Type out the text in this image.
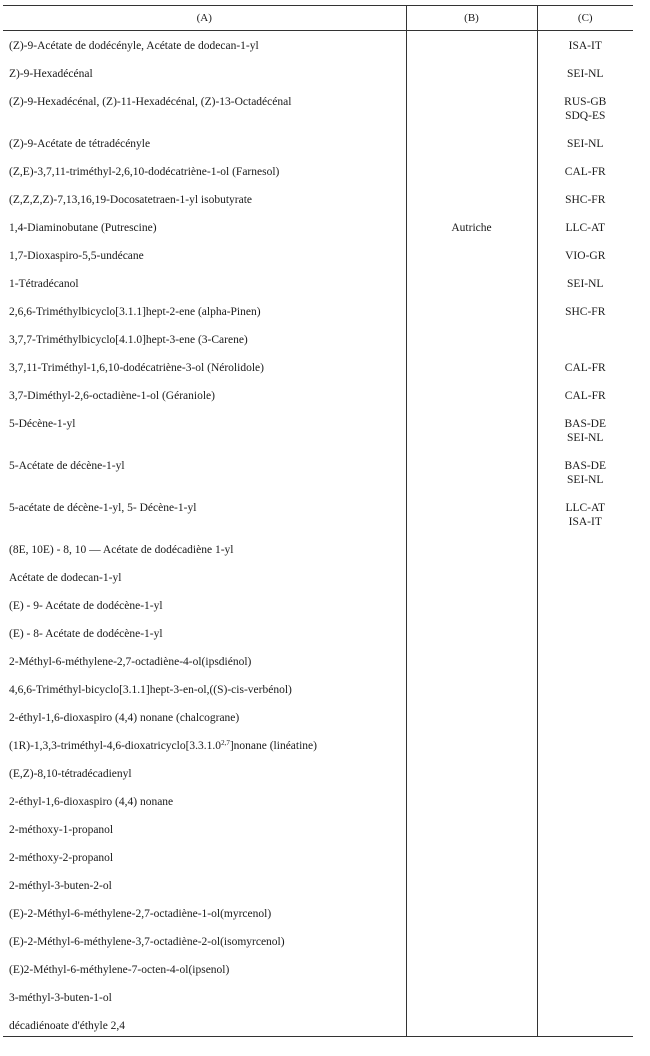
(A)	(B)	(C)

(Z)-9-Acétate de dodécényle, Acétate de dodecan-1-yl		ISA-IT

Z)-9-Hexadécénal		SEI-NL

(Z)-9-Hexadécénal, (Z)-11-Hexadécénal, (Z)-13-Octadécénal		RUS-GB
SDQ-ES

(Z)-9-Acétate de tétradécényle		SEI-NL

(Z,E)-3,7,11-triméthyl-2,6,10-dodécatriène-1-ol (Farnesol)		CAL-FR

(Z,Z,Z,Z)-7,13,16,19-Docosatetraen-1-yl isobutyrate		SHC-FR

1,4-Diaminobutane (Putrescine)	Autriche	LLC-AT

1,7-Dioxaspiro-5,5-undécane		VIO-GR

1-Tétradécanol		SEI-NL

2,6,6-Triméthylbicyclo[3.1.1]hept-2-ene (alpha-Pinen)		SHC-FR

3,7,7-Triméthylbicyclo[4.1.0]hept-3-ene (3-Carene)		

3,7,11-Triméthyl-1,6,10-dodécatriène-3-ol (Nérolidole)		CAL-FR

3,7-Diméthyl-2,6-octadiène-1-ol (Géraniole)		CAL-FR

5-Décène-1-yl		BAS-DE
SEI-NL

5-Acétate de décène-1-yl		BAS-DE
SEI-NL

5-acétate de décène-1-yl, 5- Décène-1-yl		LLC-AT
ISA-IT

(8E, 10E) - 8, 10 — Acétate de dodécadiène 1-yl		

Acétate de dodecan-1-yl		

(E) - 9- Acétate de dodécène-1-yl		

(E) - 8- Acétate de dodécène-1-yl		

2-Méthyl-6-méthylene-2,7-octadiène-4-ol(ipsdiénol)		

4,6,6-Triméthyl-bicyclo[3.1.1]hept-3-en-ol,((S)-cis-verbénol)		

2-éthyl-1,6-dioxaspiro (4,4) nonane (chalcograne)		

(1R)-1,3,3-triméthyl-4,6-dioxatricyclo[3.3.1.0$^{2,7}$]nonane (linéatine)		

(E,Z)-8,10-tétradécadienyl		

2-éthyl-1,6-dioxaspiro (4,4) nonane		

2-méthoxy-1-propanol		

2-méthoxy-2-propanol		

2-méthyl-3-buten-2-ol		

(E)-2-Méthyl-6-méthylene-2,7-octadiène-1-ol(myrcenol)		

(E)-2-Méthyl-6-méthylene-3,7-octadiène-2-ol(isomyrcenol)		

(E)2-Méthyl-6-méthylene-7-octen-4-ol(ipsenol)		

3-méthyl-3-buten-1-ol		

décadiénoate d'éthyle 2,4		
